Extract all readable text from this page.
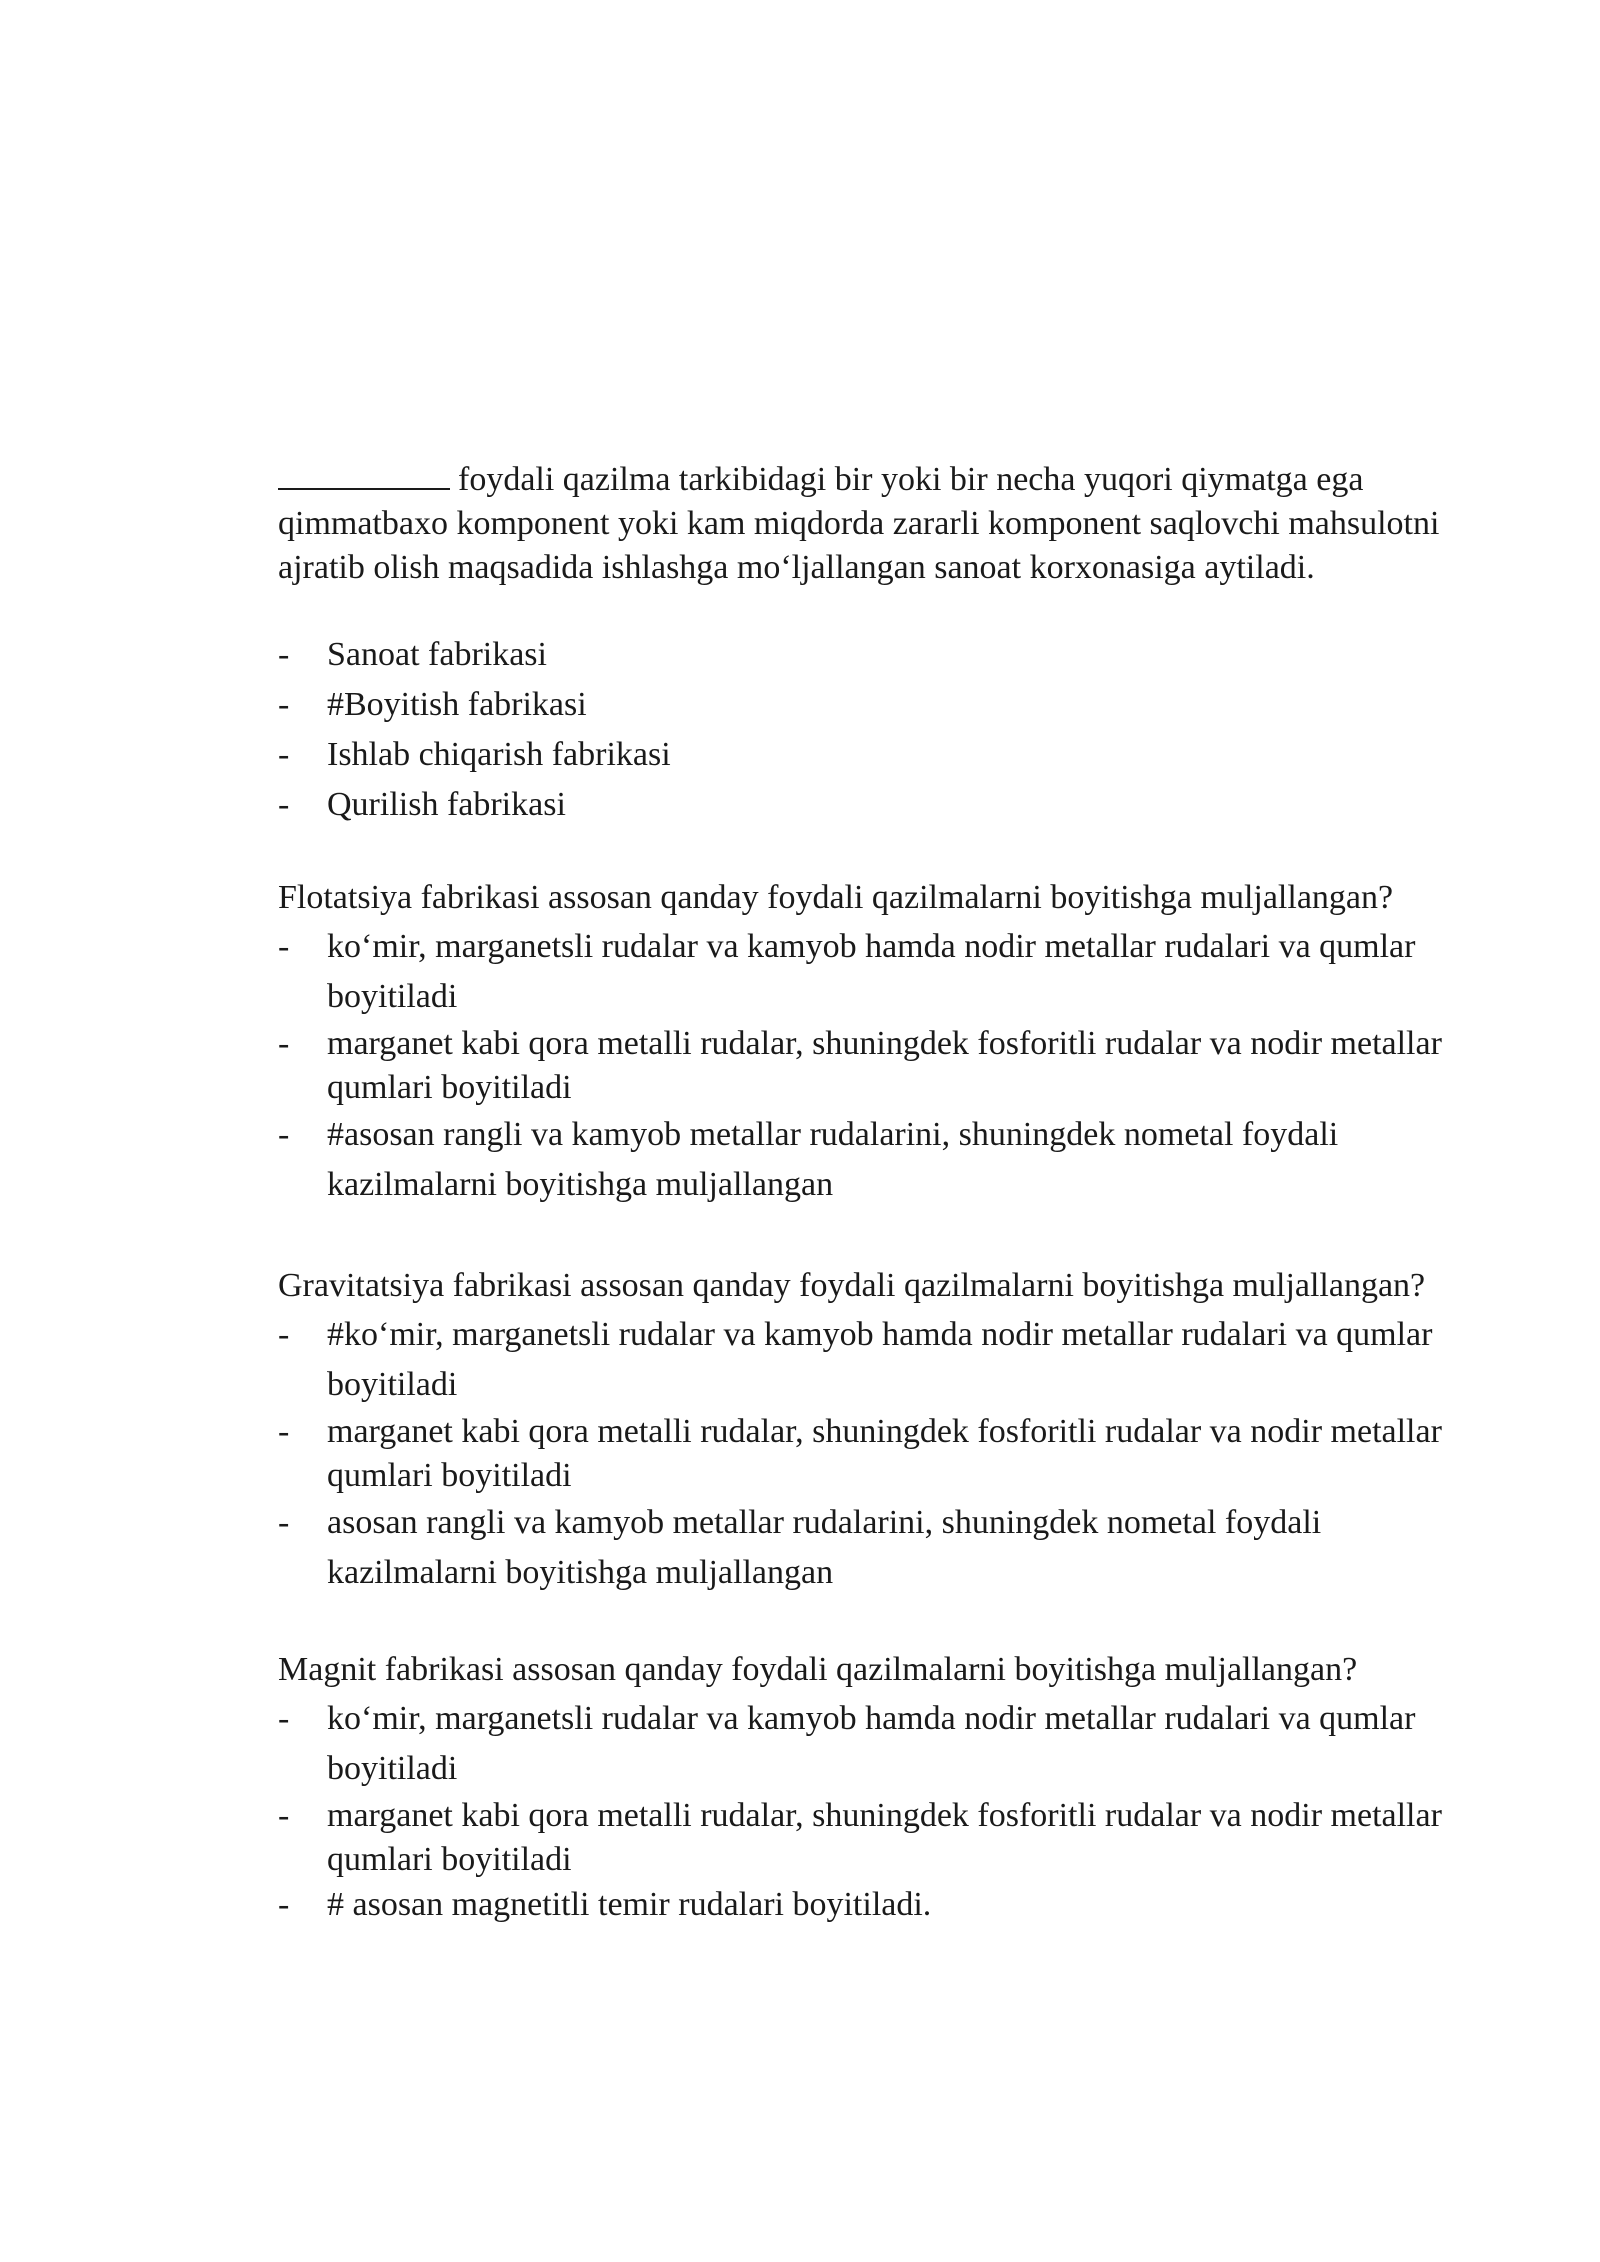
foydali qazilma tarkibidagi bir yoki bir necha yuqori qiymatga ega qimmatbaxo komponent yoki kam miqdorda zararli komponent saqlovchi mahsulotni ajratib olish maqsadida ishlashga mo‘ljallangan sanoat korxonasiga aytiladi.

- Sanoat fabrikasi
- #Boyitish fabrikasi
- Ishlab chiqarish fabrikasi
- Qurilish fabrikasi

Flotatsiya fabrikasi assosan qanday foydali qazilmalarni boyitishga muljallangan?

- ko‘mir, marganetsli rudalar va kamyob hamda nodir metallar rudalari va qumlar boyitiladi
- marganet kabi qora metalli rudalar, shuningdek fosforitli rudalar va nodir metallar qumlari boyitiladi
- #asosan rangli va kamyob metallar rudalarini, shuningdek nometal foydali kazilmalarni boyitishga muljallangan

Gravitatsiya fabrikasi assosan qanday foydali qazilmalarni boyitishga muljallangan?

- #ko‘mir, marganetsli rudalar va kamyob hamda nodir metallar rudalari va qumlar boyitiladi
- marganet kabi qora metalli rudalar, shuningdek fosforitli rudalar va nodir metallar qumlari boyitiladi
- asosan rangli va kamyob metallar rudalarini, shuningdek nometal foydali kazilmalarni boyitishga muljallangan

Magnit fabrikasi assosan qanday foydali qazilmalarni boyitishga muljallangan?

- ko‘mir, marganetsli rudalar va kamyob hamda nodir metallar rudalari va qumlar boyitiladi
- marganet kabi qora metalli rudalar, shuningdek fosforitli rudalar va nodir metallar qumlari boyitiladi
- # asosan magnetitli temir rudalari boyitiladi.
